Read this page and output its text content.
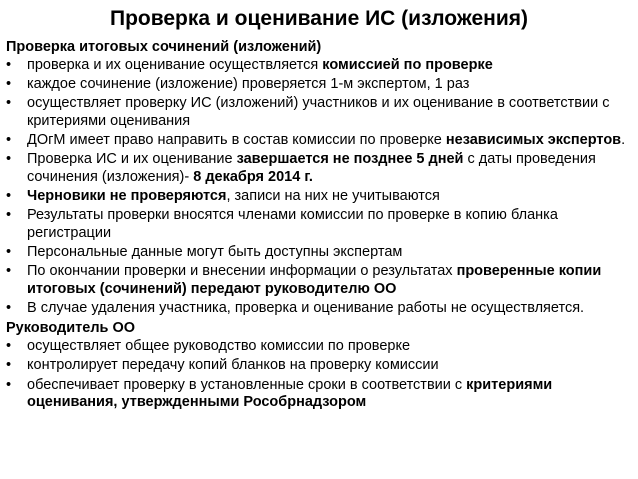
Проверка и оценивание ИС (изложения)

Проверка итоговых сочинений (изложений)

•	проверка и их оценивание осуществляется комиссией по проверке
•	каждое сочинение (изложение) проверяется 1-м экспертом, 1 раз
•	осуществляет проверку ИС (изложений) участников и их оценивание в соответствии с критериями оценивания
•	ДОгМ имеет право направить в состав комиссии по проверке независимых экспертов.
•	Проверка ИС и их оценивание завершается не позднее 5 дней с даты проведения сочинения (изложения)- 8 декабря 2014 г.
•	Черновики не проверяются, записи на них не учитываются
•	Результаты проверки вносятся членами комиссии по проверке в копию бланка регистрации
•	Персональные данные могут быть доступны экспертам
•	По окончании проверки и внесении информации о результатах проверенные копии итоговых (сочинений) передают руководителю ОО
•	В случае удаления участника, проверка и оценивание работы не осуществляется.

Руководитель ОО

•	осуществляет общее руководство комиссии по проверке
•	контролирует передачу копий бланков на проверку комиссии
•	обеспечивает проверку в установленные сроки в соответствии с критериями оценивания, утвержденными Рособрнадзором
